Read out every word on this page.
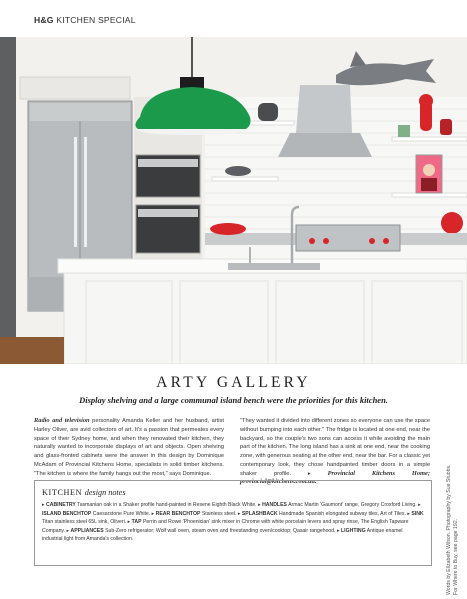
H&G KITCHEN SPECIAL
ARTY GALLERY
Display shelving and a large communal island bench were the priorities for this kitchen.
Radio and television personality Amanda Keller and her husband, artist Harley Oliver, are avid collectors of art. It's a passion that permeates every space of their Sydney home, and when they renovated their kitchen, they naturally wanted to incorporate displays of art and objects. Open shelving and glass-fronted cabinets were the answer in this design by Dominique McAdam of Provincial Kitchens Home, specialists in solid timber kitchens. "The kitchen is where the family hangs out the most," says Dominique.
"They wanted it divided into different zones so everyone can use the space without bumping into each other." The fridge is located at one end, near the backyard, so the couple's two sons can access it while avoiding the main part of the kitchen. The long island has a sink at one end, near the cooking zone, with generous seating at the other end, near the bar. For a classic yet contemporary look, they chose handpainted timber doors in a simple shaker profile. ▸	Provincial Kitchens Home; provincial@kitchens.com.au.
KITCHEN design notes
▸ CABINETRY Tasmanian oak in a Shaker profile hand-painted in Resene Eighth Black White. ▸ HANDLES Armac Martin 'Gaumont' range, Gregory Croxford Living. ▸ ISLAND BENCHTOP Caesarstone Pure White. ▸ REAR BENCHTOP Stainless steel. ▸ SPLASHBACK Handmade Spanish elongated subway tiles, Art of Tiles. ▸ SINK Titan stainless steel 65L sink, Oliveri. ▸ TAP Perrin and Rowe 'Phoenician' sink mixer in Chrome with white porcelain levers and spray rinse, The English Tapware Company. ▸ APPLIANCES Sub-Zero refrigerator; Wolf wall oven, steam oven and freestanding oven/cooktop; Qasair rangehood. ▸ LIGHTING Antique enamel industrial light from Amanda's collection.	Words by Elizabeth Wilson. Photography by Sue Stubbs.
For Where to Buy, see page 192.
